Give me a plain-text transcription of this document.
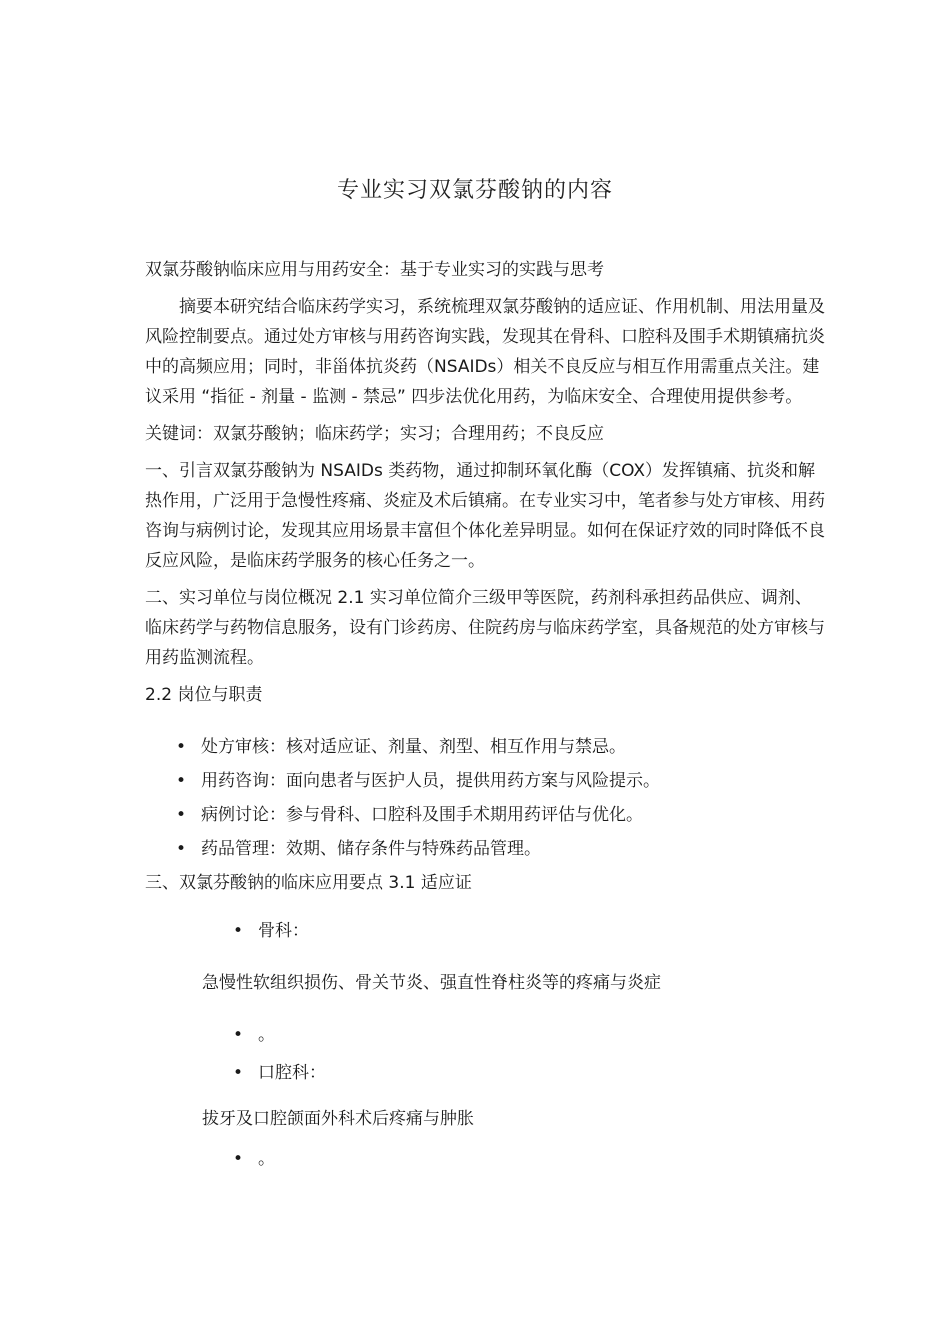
专业实习双氯芬酸钠的内容

双氯芬酸钠临床应用与用药安全：基于专业实习的实践与思考

摘要本研究结合临床药学实习，系统梳理双氯芬酸钠的适应证、作用机制、用法用量及风险控制要点。通过处方审核与用药咨询实践，发现其在骨科、口腔科及围手术期镇痛抗炎中的高频应用；同时，非甾体抗炎药（NSAIDs）相关不良反应与相互作用需重点关注。建议采用 “指征 - 剂量 - 监测 - 禁忌” 四步法优化用药，为临床安全、合理使用提供参考。

关键词：双氯芬酸钠；临床药学；实习；合理用药；不良反应

一、引言双氯芬酸钠为 NSAIDs 类药物，通过抑制环氧化酶（COX）发挥镇痛、抗炎和解热作用，广泛用于急慢性疼痛、炎症及术后镇痛。在专业实习中，笔者参与处方审核、用药咨询与病例讨论，发现其应用场景丰富但个体化差异明显。如何在保证疗效的同时降低不良反应风险，是临床药学服务的核心任务之一。

二、实习单位与岗位概况 2.1 实习单位简介三级甲等医院，药剂科承担药品供应、调剂、临床药学与药物信息服务，设有门诊药房、住院药房与临床药学室，具备规范的处方审核与用药监测流程。

2.2 岗位与职责

• 处方审核：核对适应证、剂量、剂型、相互作用与禁忌。
• 用药咨询：面向患者与医护人员，提供用药方案与风险提示。
• 病例讨论：参与骨科、口腔科及围手术期用药评估与优化。
• 药品管理：效期、储存条件与特殊药品管理。

三、双氯芬酸钠的临床应用要点 3.1 适应证

• 骨科：

急慢性软组织损伤、骨关节炎、强直性脊柱炎等的疼痛与炎症

• 。
• 口腔科：

拔牙及口腔颌面外科术后疼痛与肿胀

• 。
